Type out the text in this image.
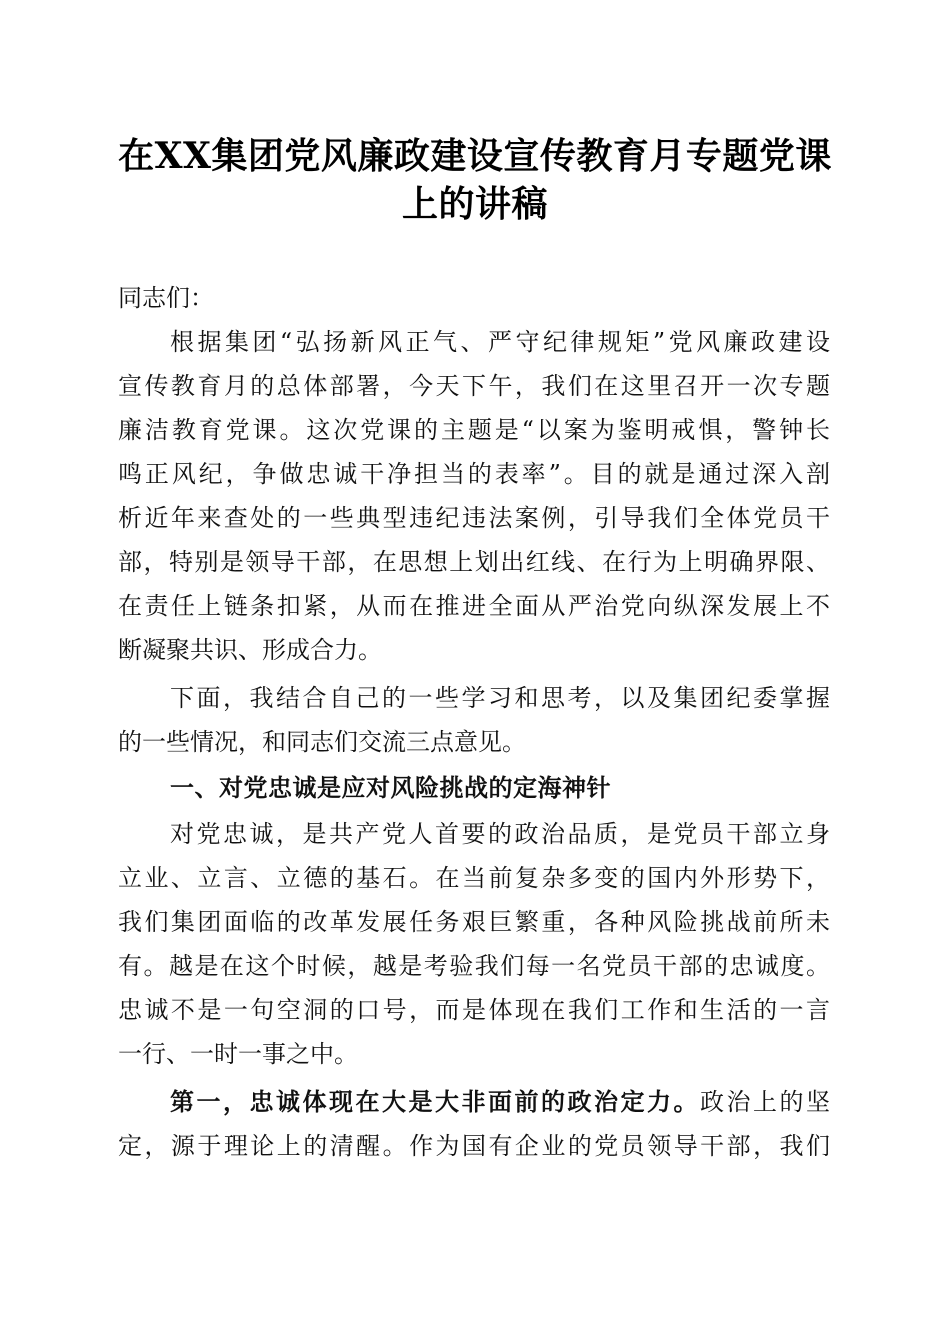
在XX集团党风廉政建设宣传教育月专题党课
上的讲稿
同志们：
根据集团“弘扬新风正气、严守纪律规矩”党风廉政建设
宣传教育月的总体部署，今天下午，我们在这里召开一次专题
廉洁教育党课。这次党课的主题是“以案为鉴明戒惧，警钟长
鸣正风纪，争做忠诚干净担当的表率”。目的就是通过深入剖
析近年来查处的一些典型违纪违法案例，引导我们全体党员干
部，特别是领导干部，在思想上划出红线、在行为上明确界限、
在责任上链条扣紧，从而在推进全面从严治党向纵深发展上不
断凝聚共识、形成合力。
下面，我结合自己的一些学习和思考，以及集团纪委掌握
的一些情况，和同志们交流三点意见。
一、对党忠诚是应对风险挑战的定海神针
对党忠诚，是共产党人首要的政治品质，是党员干部立身
立业、立言、立德的基石。在当前复杂多变的国内外形势下，
我们集团面临的改革发展任务艰巨繁重，各种风险挑战前所未
有。越是在这个时候，越是考验我们每一名党员干部的忠诚度。
忠诚不是一句空洞的口号，而是体现在我们工作和生活的一言
一行、一时一事之中。
第一，忠诚体现在大是大非面前的政治定力。政治上的坚
定，源于理论上的清醒。作为国有企业的党员领导干部，我们
